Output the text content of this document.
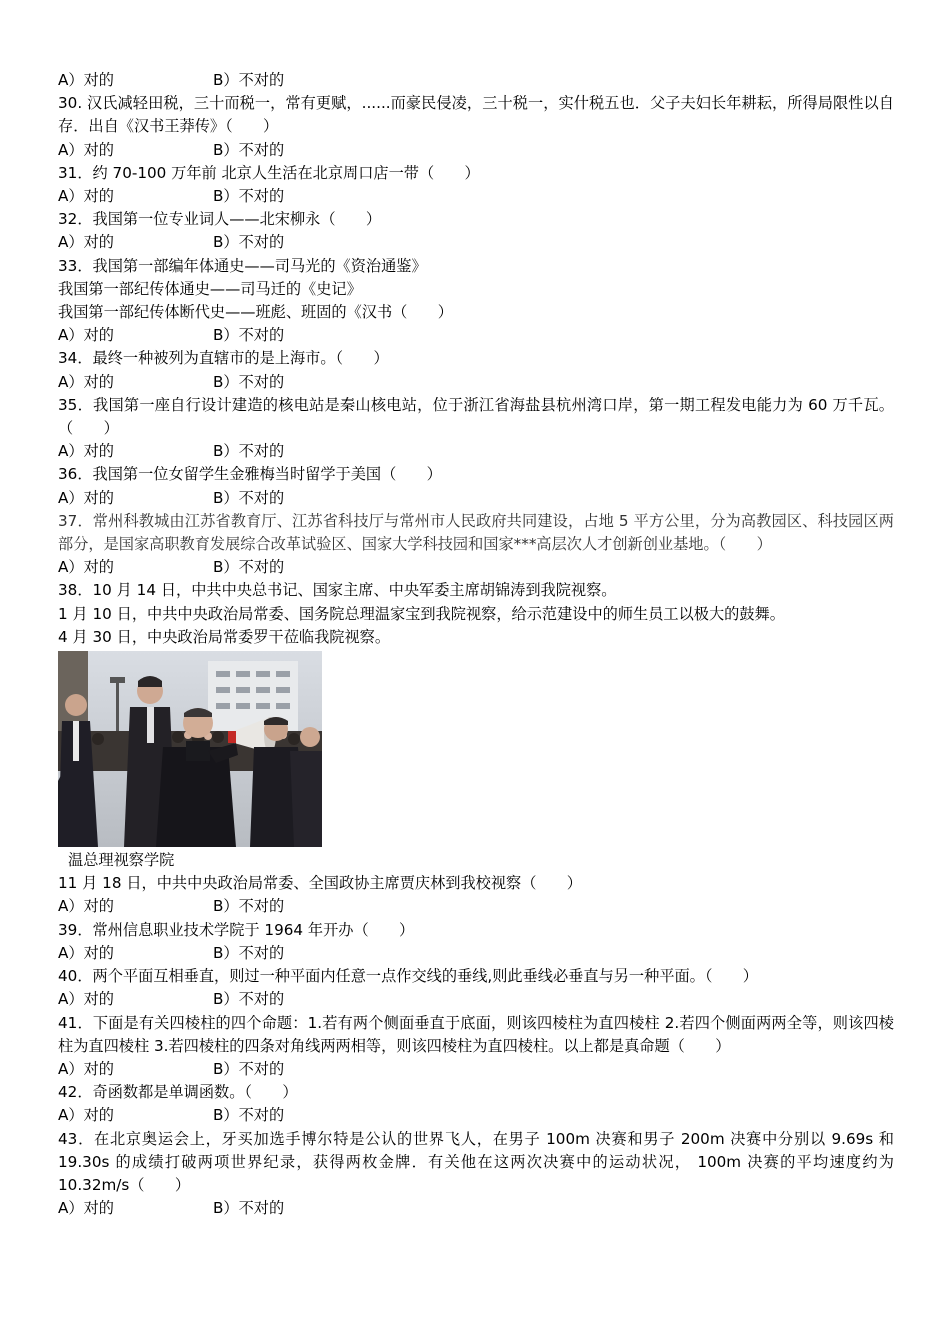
A）对的	B）不对的
30. 汉氏减轻田税，三十而税一，常有更赋，......而豪民侵凌，三十税一，实什税五也．父子夫妇长年耕耘，所得局限性以自存．出自《汉书王莽传》（　　）
A）对的	B）不对的
31．约 70-100 万年前 北京人生活在北京周口店一带（　　）
A）对的	B）不对的
32．我国第一位专业词人——北宋柳永（　　）
A）对的	B）不对的
33．我国第一部编年体通史——司马光的《资治通鉴》
我国第一部纪传体通史——司马迁的《史记》
我国第一部纪传体断代史——班彪、班固的《汉书（　　）
A）对的	B）不对的
34．最终一种被列为直辖市的是上海市。（　　）
A）对的	B）不对的
35．我国第一座自行设计建造的核电站是秦山核电站，位于浙江省海盐县杭州湾口岸，第一期工程发电能力为 60 万千瓦。（　　）
A）对的	B）不对的
36．我国第一位女留学生金雅梅当时留学于美国（　　）
A）对的	B）不对的
37．常州科教城由江苏省教育厅、江苏省科技厅与常州市人民政府共同建设，占地 5 平方公里，分为高教园区、科技园区两部分，是国家高职教育发展综合改革试验区、国家大学科技园和国家***高层次人才创新创业基地。（　　）
A）对的	B）不对的
38．10 月 14 日，中共中央总书记、国家主席、中央军委主席胡锦涛到我院视察。
1 月 10 日，中共中央政治局常委、国务院总理温家宝到我院视察，给示范建设中的师生员工以极大的鼓舞。
4 月 30 日，中央政治局常委罗干莅临我院视察。
温总理视察学院
11 月 18 日，中共中央政治局常委、全国政协主席贾庆林到我校视察（　　）
A）对的	B）不对的
39．常州信息职业技术学院于 1964 年开办（　　）
A）对的	B）不对的
40．两个平面互相垂直，则过一种平面内任意一点作交线的垂线,则此垂线必垂直与另一种平面。（　　）
A）对的	B）不对的
41．下面是有关四棱柱的四个命题：1.若有两个侧面垂直于底面，则该四棱柱为直四棱柱 2.若四个侧面两两全等，则该四棱柱为直四棱柱 3.若四棱柱的四条对角线两两相等，则该四棱柱为直四棱柱。以上都是真命题（　　）
A）对的	B）不对的
42．奇函数都是单调函数。（　　）
A）对的	B）不对的
43．在北京奥运会上，牙买加选手博尔特是公认的世界飞人，在男子 100m 决赛和男子 200m 决赛中分别以 9.69s 和 19.30s 的成绩打破两项世界纪录，获得两枚金牌．有关他在这两次决赛中的运动状况， 100m 决赛的平均速度约为 10.32m/s（　　）
A）对的	B）不对的
